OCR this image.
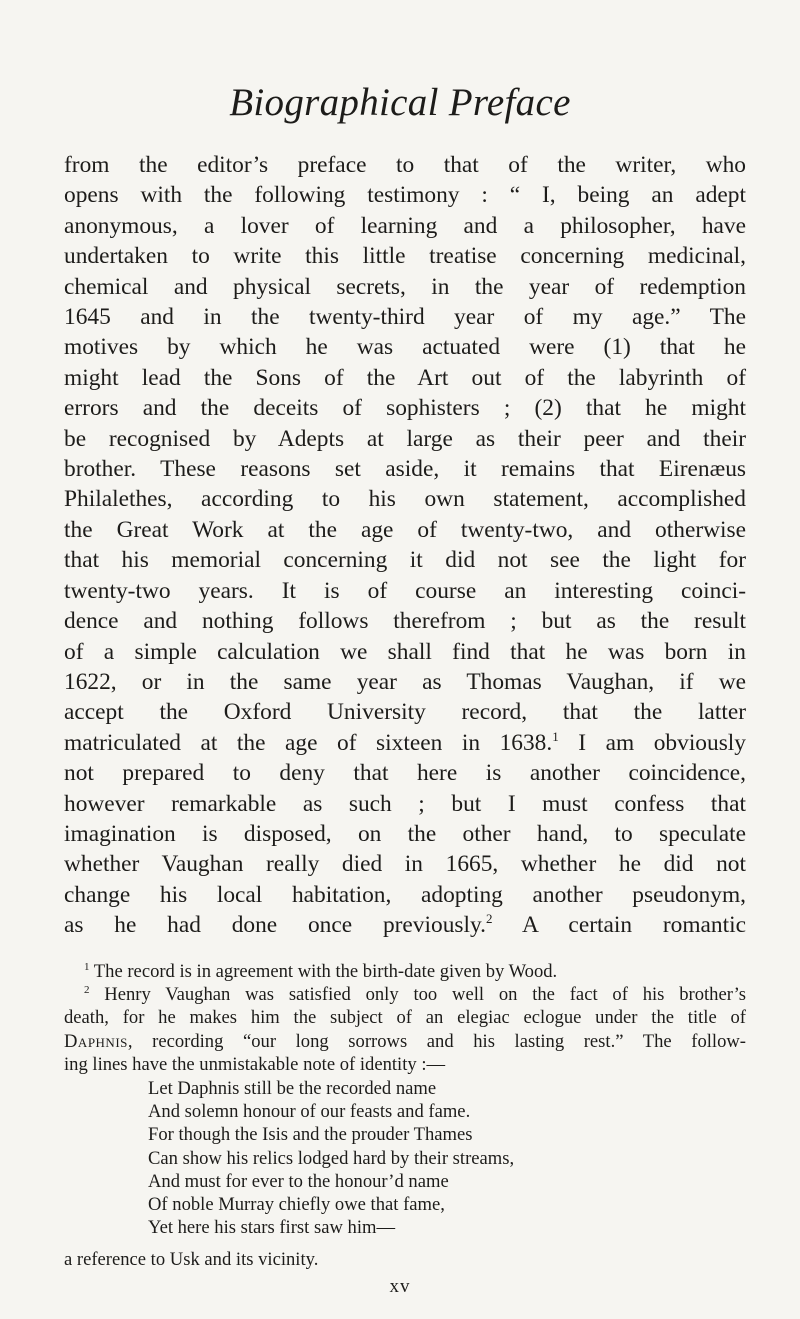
Biographical Preface
from the editor’s preface to that of the writer, who
opens with the following testimony : “ I, being an adept
anonymous, a lover of learning and a philosopher, have
undertaken to write this little treatise concerning medicinal,
chemical and physical secrets, in the year of redemption
1645 and in the twenty-third year of my age.” The
motives by which he was actuated were (1) that he
might lead the Sons of the Art out of the labyrinth of
errors and the deceits of sophisters ; (2) that he might
be recognised by Adepts at large as their peer and their
brother. These reasons set aside, it remains that Eirenæus
Philalethes, according to his own statement, accomplished
the Great Work at the age of twenty-two, and otherwise
that his memorial concerning it did not see the light for
twenty-two years. It is of course an interesting coinci-
dence and nothing follows therefrom ; but as the result
of a simple calculation we shall find that he was born in
1622, or in the same year as Thomas Vaughan, if we
accept the Oxford University record, that the latter
matriculated at the age of sixteen in 1638.$^1$ I am obviously
not prepared to deny that here is another coincidence,
however remarkable as such ; but I must confess that
imagination is disposed, on the other hand, to speculate
whether Vaughan really died in 1665, whether he did not
change his local habitation, adopting another pseudonym,
as he had done once previously.$^2$ A certain romantic
$^1$ The record is in agreement with the birth-date given by Wood.
$^2$ Henry Vaughan was satisfied only too well on the fact of his brother’s
death, for he makes him the subject of an elegiac eclogue under the title of
Daphnis, recording “our long sorrows and his lasting rest.” The follow-
ing lines have the unmistakable note of identity :—
Let Daphnis still be the recorded name
And solemn honour of our feasts and fame.
For though the Isis and the prouder Thames
Can show his relics lodged hard by their streams,
And must for ever to the honour’d name
Of noble Murray chiefly owe that fame,
Yet here his stars first saw him—
a reference to Usk and its vicinity.
xv
